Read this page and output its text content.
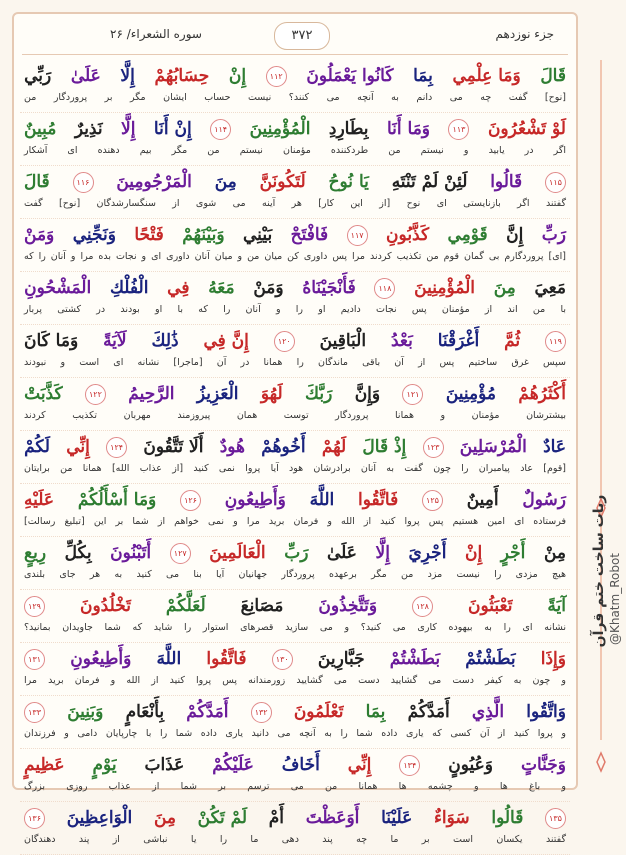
سوره الشعراء/ ۲۶	۳۷۲	جزء نوزدهم
قَالَ
وَمَا عِلْمِي
بِمَا
كَانُوا يَعْمَلُونَ
۱۱۲
إِنْ
حِسَابُهُمْ
إِلَّا
عَلَىٰ
رَبِّي
[نوح] گفت چه می دانم به آنچه می کنند؟ نیست حساب ایشان مگر بر پروردگار من
لَوْ تَشْعُرُونَ
۱۱۳
وَمَا أَنَا
بِطَارِدِ
الْمُؤْمِنِينَ
۱۱۴
إِنْ أَنَا
إِلَّا
نَذِيرٌ
مُبِينٌ
اگر در یابید و نیستم من طردکننده مؤمنان نیستم من مگر بیم دهنده ای آشکار
۱۱۵
قَالُوا
لَئِنْ لَمْ تَنْتَهِ
يَا نُوحُ
لَتَكُونَنَّ
مِنَ
الْمَرْجُومِينَ
۱۱۶
قَالَ
گفتند اگر بازنایستی ای نوح [از این کار] هر آینه می شوی از سنگسارشدگان [نوح] گفت
رَبِّ
إِنَّ
قَوْمِي
كَذَّبُونِ
۱۱۷
فَافْتَحْ
بَيْنِي
وَبَيْنَهُمْ
فَتْحًا
وَنَجِّنِي
وَمَنْ
[ای] پروردگارم بی گمان قوم من تکذیب کردند مرا پس داوری کن میان من و میان آنان داوری ای و نجات بده مرا و آنان را که
مَعِيَ
مِنَ
الْمُؤْمِنِينَ
۱۱۸
فَأَنْجَيْنَاهُ
وَمَنْ
مَعَهُ
فِي
الْفُلْكِ
الْمَشْحُونِ
با من اند از مؤمنان پس نجات دادیم او را و آنان را که با او بودند در کشتی پربار
۱۱۹
ثُمَّ
أَغْرَقْنَا
بَعْدُ
الْبَاقِينَ
۱۲۰
إِنَّ فِي
ذَٰلِكَ
لَآيَةً
وَمَا كَانَ
سپس غرق ساختیم پس از آن باقی ماندگان را همانا در آن [ماجرا] نشانه ای است و نبودند
أَكْثَرُهُمْ
مُؤْمِنِينَ
۱۲۱
وَإِنَّ
رَبَّكَ
لَهُوَ
الْعَزِيزُ
الرَّحِيمُ
۱۲۲
كَذَّبَتْ
بیشترشان مؤمنان و همانا پروردگار توست همان پیروزمند مهربان تکذیب کردند
عَادٌ
الْمُرْسَلِينَ
۱۲۳
إِذْ قَالَ
لَهُمْ
أَخُوهُمْ
هُودٌ
أَلَا تَتَّقُونَ
۱۲۴
إِنِّي
لَكُمْ
[قوم] عاد پیامبران را چون گفت به آنان برادرشان هود آیا پروا نمی کنید [از عذاب الله] همانا من برایتان
رَسُولٌ
أَمِينٌ
۱۲۵
فَاتَّقُوا
اللَّهَ
وَأَطِيعُونِ
۱۲۶
وَمَا أَسْأَلُكُمْ
عَلَيْهِ
فرستاده ای امین هستیم پس پروا کنید از الله و فرمان برید مرا و نمی خواهم از شما بر این [تبلیغ رسالت]
مِنْ
أَجْرٍ
إِنْ
أَجْرِيَ
إِلَّا
عَلَىٰ
رَبِّ
الْعَالَمِينَ
۱۲۷
أَتَبْنُونَ
بِكُلِّ
رِيعٍ
هیچ مزدی را نیست مزد من مگر برعهده پروردگار جهانیان آیا بنا می کنید به هر جای بلندی
آيَةً
تَعْبَثُونَ
۱۲۸
وَتَتَّخِذُونَ
مَصَانِعَ
لَعَلَّكُمْ
تَخْلُدُونَ
۱۲۹
نشانه ای را به بیهوده کاری می کنید؟ و می سازید قصرهای استوار را شاید که شما جاویدان بمانید؟
وَإِذَا
بَطَشْتُمْ
بَطَشْتُمْ
جَبَّارِينَ
۱۳۰
فَاتَّقُوا
اللَّهَ
وَأَطِيعُونِ
۱۳۱
و چون به کیفر دست می گشایید دست می گشایید زورمندانه پس پروا کنید از الله و فرمان برید مرا
وَاتَّقُوا
الَّذِي
أَمَدَّكُمْ
بِمَا
تَعْلَمُونَ
۱۳۲
أَمَدَّكُمْ
بِأَنْعَامٍ
وَبَنِينَ
۱۳۳
و پروا کنید از آن کسی که یاری داده شما را به آنچه می دانید یاری داده شما را با چارپایان دامی و فرزندان
وَجَنَّاتٍ
وَعُيُونٍ
۱۳۴
إِنِّي
أَخَافُ
عَلَيْكُمْ
عَذَابَ
يَوْمٍ
عَظِيمٍ
و باغ ها و چشمه ها همانا من می ترسم بر شما از عذاب روزی بزرگ
۱۳۵
قَالُوا
سَوَاءٌ
عَلَيْنَا
أَوَعَظْتَ
أَمْ
لَمْ تَكُنْ
مِنَ
الْوَاعِظِينَ
۱۳۶
گفتند یکسان است بر ما چه پند دهی ما را یا نباشی از پند دهندگان
ربات ساخت ختم قرآن @Khatm_Robot
